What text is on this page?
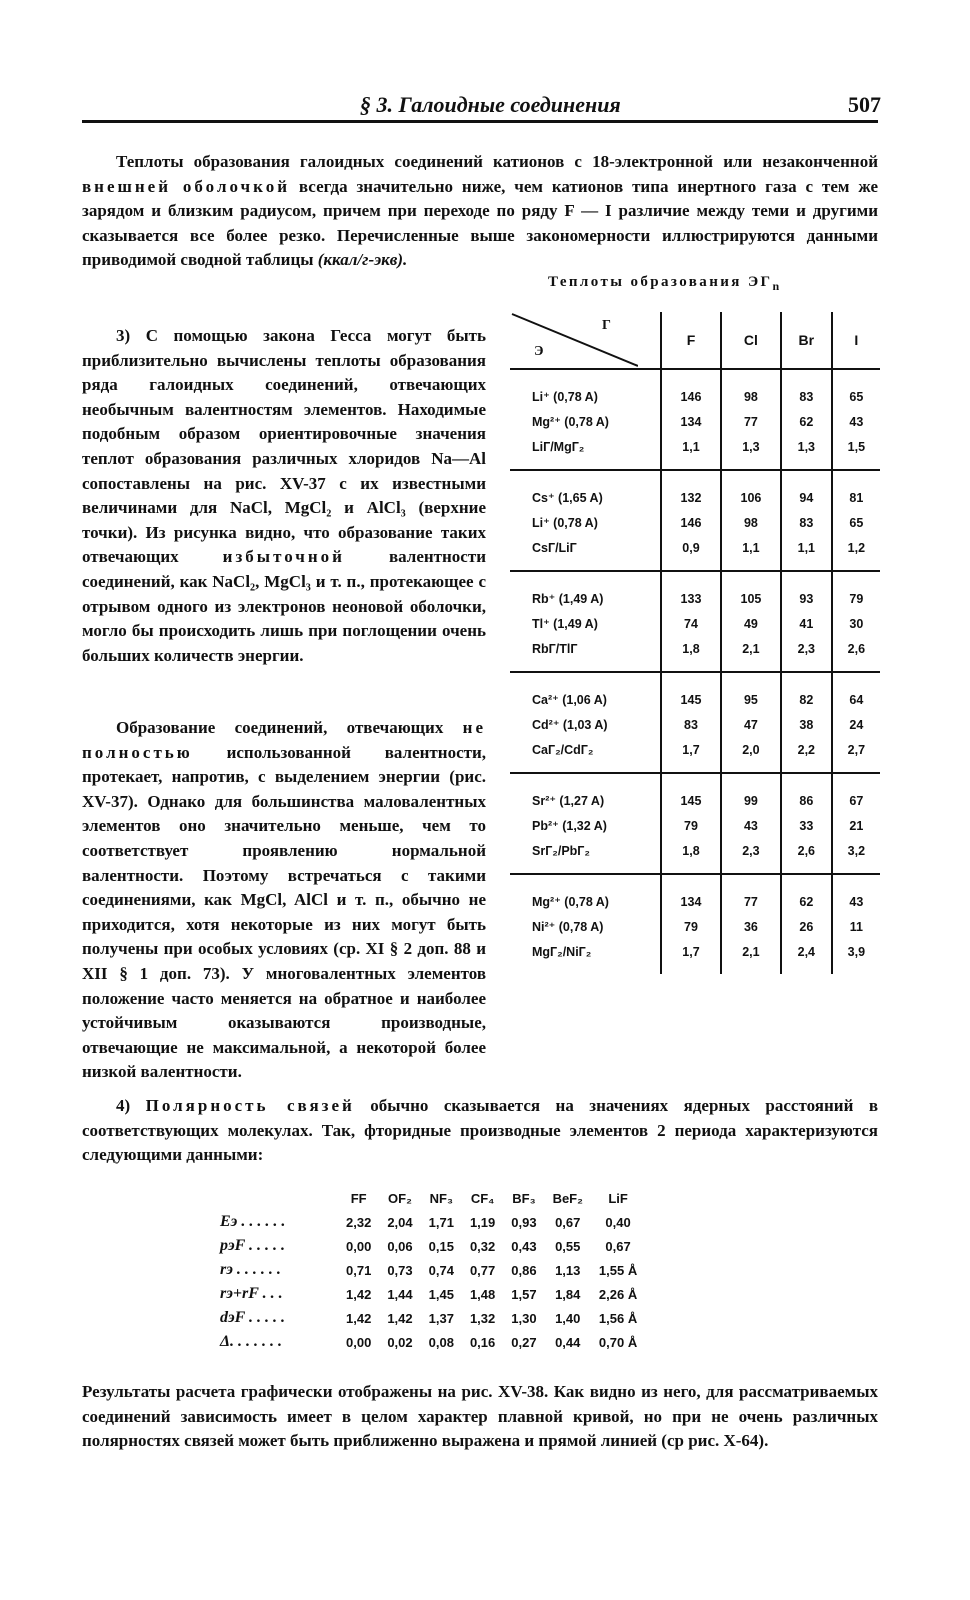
§ 3. Галоидные соединения	507

Теплоты образования галоидных соединений катионов с 18-электронной или незаконченной внешней оболочкой всегда значительно ниже, чем катионов типа инертного газа с тем же зарядом и близким радиусом, причем при переходе по ряду F — I различие между теми и другими сказывается все более резко. Перечисленные выше закономерности иллюстрируются данными приводимой сводной таблицы (ккал/г-экв).

3) С помощью закона Гесса могут быть приблизительно вычислены теплоты образования ряда галоидных соединений, отвечающих необычным валентностям элементов. Находимые подобным образом ориентировочные значения теплот образования различных хлоридов Na—Al сопоставлены на рис. XV-37 с их известными величинами для NaCl, MgCl₂ и AlCl₃ (верхние точки). Из рисунка видно, что образование таких отвечающих	избыточной	валентности соединений, как NaCl₂, MgCl₃ и т. п., протекающее с отрывом одного из электронов неоновой оболочки, могло бы происходить лишь при поглощении очень больших количеств энергии.

Образование соединений, отвечающих не полностью использованной валентности, протекает, напротив, с выделением энергии (рис. XV-37). Однако для большинства маловалентных элементов оно значительно меньше, чем то соответствует проявлению нормальной валентности. Поэтому встречаться с такими соединениями, как MgCl, AlCl и т. п., обычно не приходится, хотя некоторые из них могут быть получены при особых условиях (ср. XI § 2 доп. 88 и XII § 1 доп. 73). У многовалентных элементов положение часто меняется на обратное и наиболее устойчивым оказываются производные, отвечающие не максимальной, а некоторой более низкой валентности.

Теплоты образования $ЭГ_n$
Г
Э	F	Cl	Br	I
Li⁺ (0,78 A)	146	98	83	65
Mg²⁺ (0,78 A)	134	77	62	43
LiГ/MgГ₂	1,1	1,3	1,3	1,5
Cs⁺ (1,65 A)	132	106	94	81
Li⁺ (0,78 A)	146	98	83	65
CsГ/LiГ	0,9	1,1	1,1	1,2
Rb⁺ (1,49 A)	133	105	93	79
Tl⁺ (1,49 A)	74	49	41	30
RbГ/TlГ	1,8	2,1	2,3	2,6
Ca²⁺ (1,06 A)	145	95	82	64
Cd²⁺ (1,03 A)	83	47	38	24
CaГ₂/CdГ₂	1,7	2,0	2,2	2,7
Sr²⁺ (1,27 A)	145	99	86	67
Pb²⁺ (1,32 A)	79	43	33	21
SrГ₂/PbГ₂	1,8	2,3	2,6	3,2
Mg²⁺ (0,78 A)	134	77	62	43
Ni²⁺ (0,78 A)	79	36	26	11
MgГ₂/NiГ₂	1,7	2,1	2,4	3,9

4) Полярность связей обычно сказывается на значениях ядерных расстояний в соответствующих молекулах. Так, фторидные производные элементов 2 периода характеризуются следующими данными:

	FF	OF₂	NF₃	CF₄	BF₃	BeF₂	LiF
Eэ . . . . . .	2,32	2,04	1,71	1,19	0,93	0,67	0,40
pэF . . . . .	0,00	0,06	0,15	0,32	0,43	0,55	0,67
rэ . . . . . .	0,71	0,73	0,74	0,77	0,86	1,13	1,55 Å
rэ+rF . . .	1,42	1,44	1,45	1,48	1,57	1,84	2,26 Å
dэF . . . . .	1,42	1,42	1,37	1,32	1,30	1,40	1,56 Å
Δ. . . . . . .	0,00	0,02	0,08	0,16	0,27	0,44	0,70 Å

Результаты расчета графически отображены на рис. XV-38. Как видно из него, для рассматриваемых соединений зависимость имеет в целом характер плавной кривой, но при не очень различных полярностях связей может быть приближенно выражена и прямой линией (ср рис. X-64).
